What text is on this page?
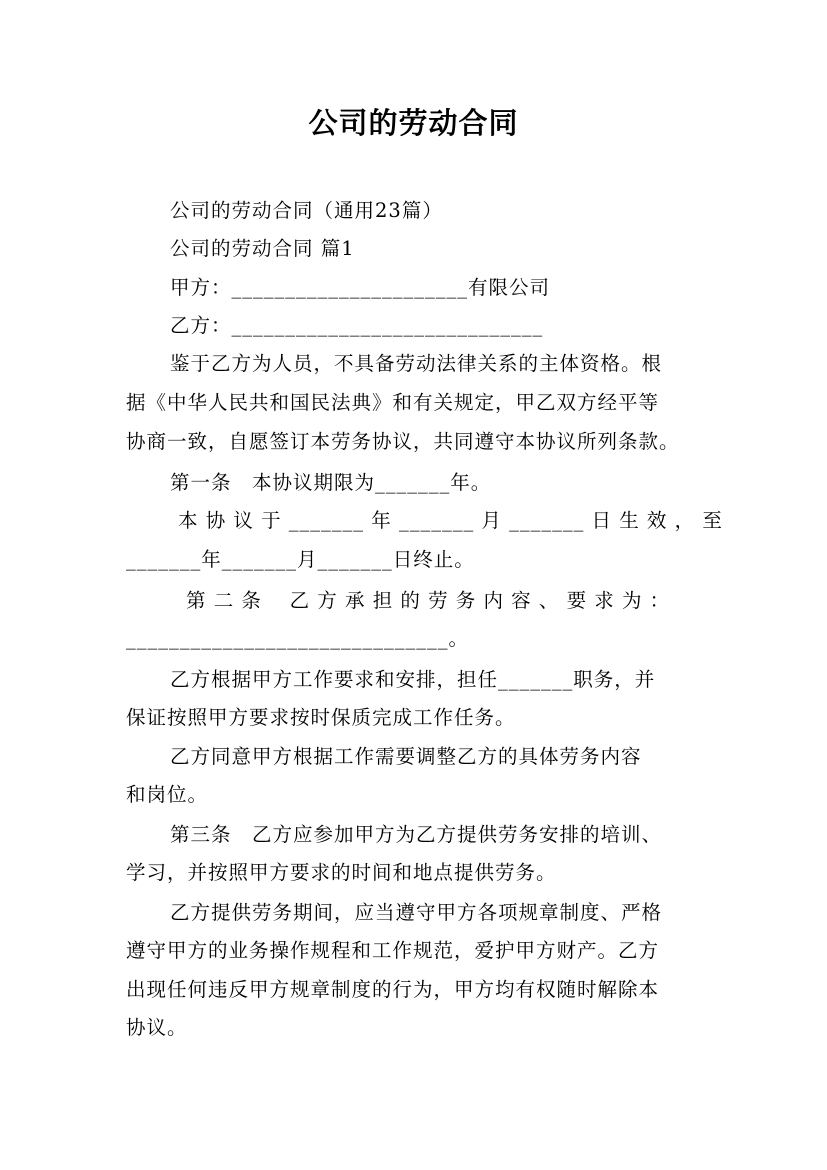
公司的劳动合同
公司的劳动合同（通用23篇）
公司的劳动合同 篇1
甲方：______________________有限公司
乙方：_____________________________
鉴于乙方为人员，不具备劳动法律关系的主体资格。根
据《中华人民共和国民法典》和有关规定，甲乙双方经平等
协商一致，自愿签订本劳务协议，共同遵守本协议所列条款。
第一条　本协议期限为_______年。
本 协 议 于 _______ 年 _______ 月 _______ 日 生 效 ， 至
_______年_______月_______日终止。
第 二 条　 乙 方 承 担 的 劳 务 内 容 、 要 求 为 ：
______________________________。
乙方根据甲方工作要求和安排，担任_______职务，并
保证按照甲方要求按时保质完成工作任务。
乙方同意甲方根据工作需要调整乙方的具体劳务内容
和岗位。
第三条　乙方应参加甲方为乙方提供劳务安排的培训、
学习，并按照甲方要求的时间和地点提供劳务。
乙方提供劳务期间，应当遵守甲方各项规章制度、严格
遵守甲方的业务操作规程和工作规范，爱护甲方财产。乙方
出现任何违反甲方规章制度的行为，甲方均有权随时解除本
协议。
